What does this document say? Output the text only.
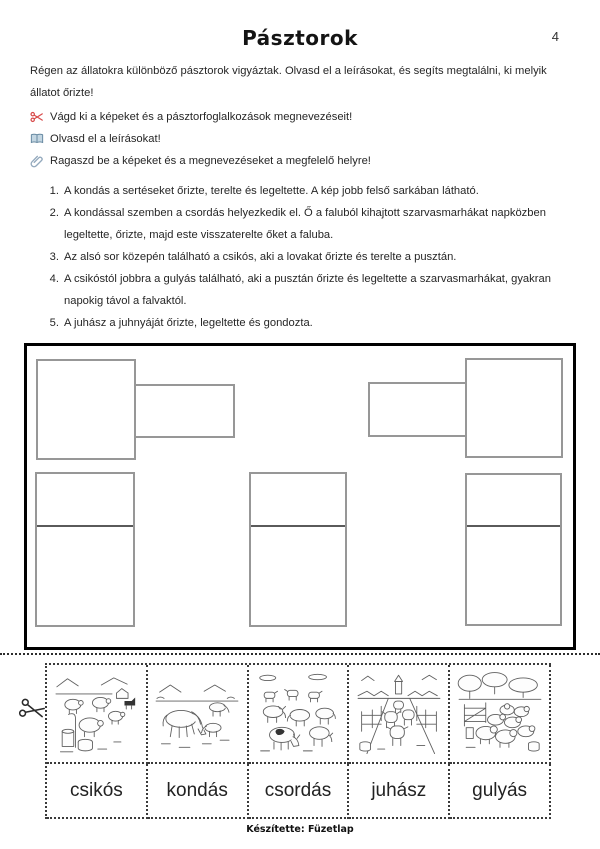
Pásztorok	4

Régen az állatokra különböző pásztorok vigyáztak. Olvasd el a leírásokat, és segíts megtalálni, ki melyik állatot őrizte!

Vágd ki a képeket és a pásztorfoglalkozások megnevezéseit!
Olvasd el a leírásokat!
Ragaszd be a képeket és a megnevezéseket a megfelelő helyre!
1. A kondás a sertéseket őrizte, terelte és legeltette. A kép jobb felső sarkában látható.
2. A kondással szemben a csordás helyezkedik el. Ő a faluból kihajtott szarvasmarhákat napközben legeltette, őrizte, majd este visszaterelte őket a faluba.
3. Az alsó sor közepén található a csikós, aki a lovakat őrizte és terelte a pusztán.
4. A csikóstól jobbra a gulyás található, aki a pusztán őrizte és legeltette a szarvasmarhákat, gyakran napokig távol a falvaktól.
5. A juhász a juhnyáját őrizte, legeltette és gondozta.
csikós	kondás	csordás	juhász	gulyás
Készítette: Füzetlap
